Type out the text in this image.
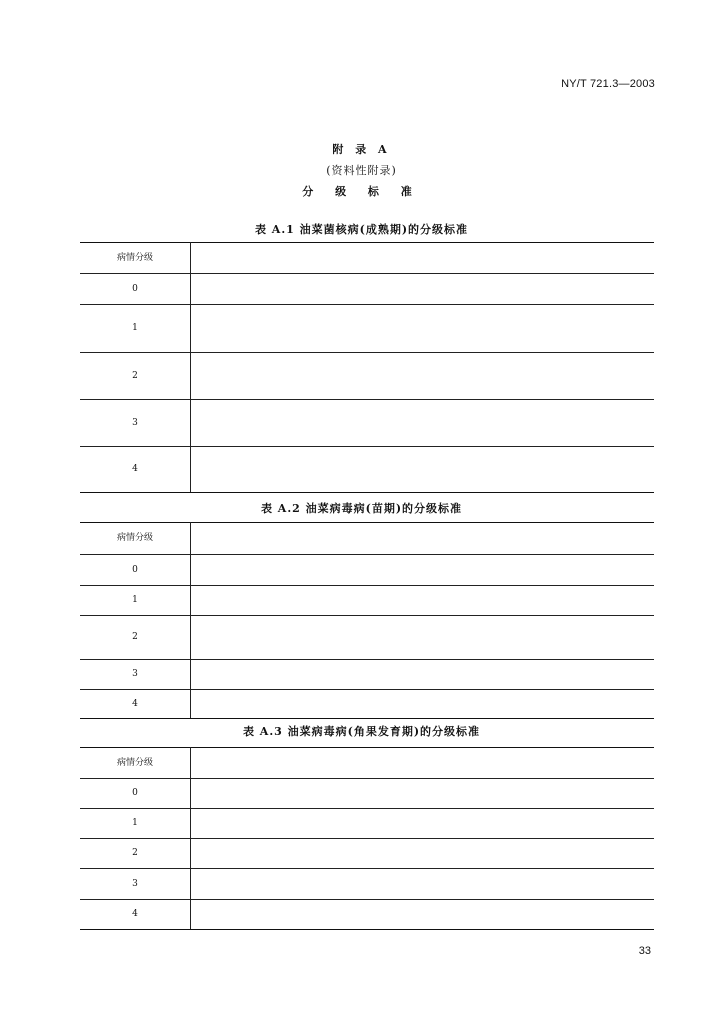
NY/T 721.3—2003
附 录 A
(资料性附录)
分 级 标 准
表 A.1 油菜菌核病(成熟期)的分级标准
病情分级	
0	
1	
2	
3	
4	
表 A.2 油菜病毒病(苗期)的分级标准
病情分级	
0	
1	
2	
3	
4	
表 A.3 油菜病毒病(角果发育期)的分级标准
病情分级	
0	
1	
2	
3	
4	
33
